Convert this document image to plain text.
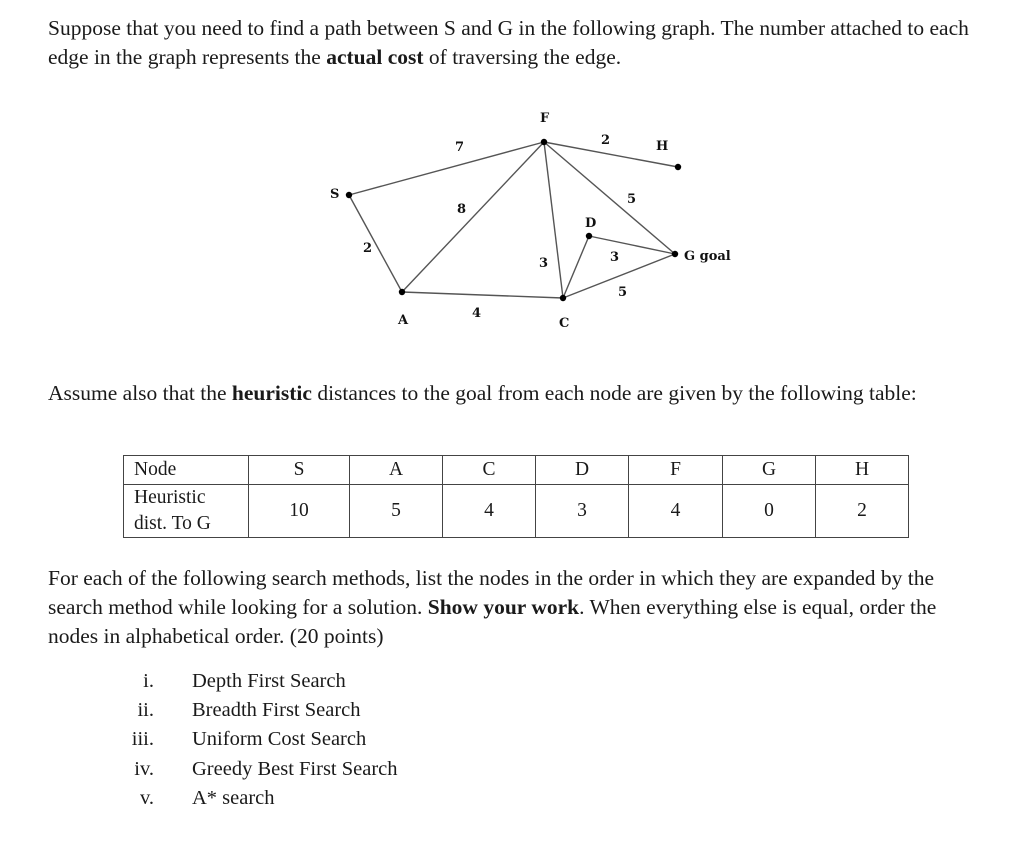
Suppose that you need to find a path between S and G in the following graph. The number attached to each edge in the graph represents the actual cost of traversing the edge.

S
A
F
C
D
H
G goal
7
2
8
4
2
5
3	3
5

Assume also that the heuristic distances to the goal from each node are given by the following table:

Node	S	A	C	D	F	G	H
Heuristic
dist. To G	10	5	4	3	4	0	2

For each of the following search methods, list the nodes in the order in which they are expanded by the search method while looking for a solution. Show your work. When everything else is equal, order the nodes in alphabetical order. (20 points)

i. Depth First Search
ii. Breadth First Search
iii. Uniform Cost Search
iv. Greedy Best First Search
v. A* search
